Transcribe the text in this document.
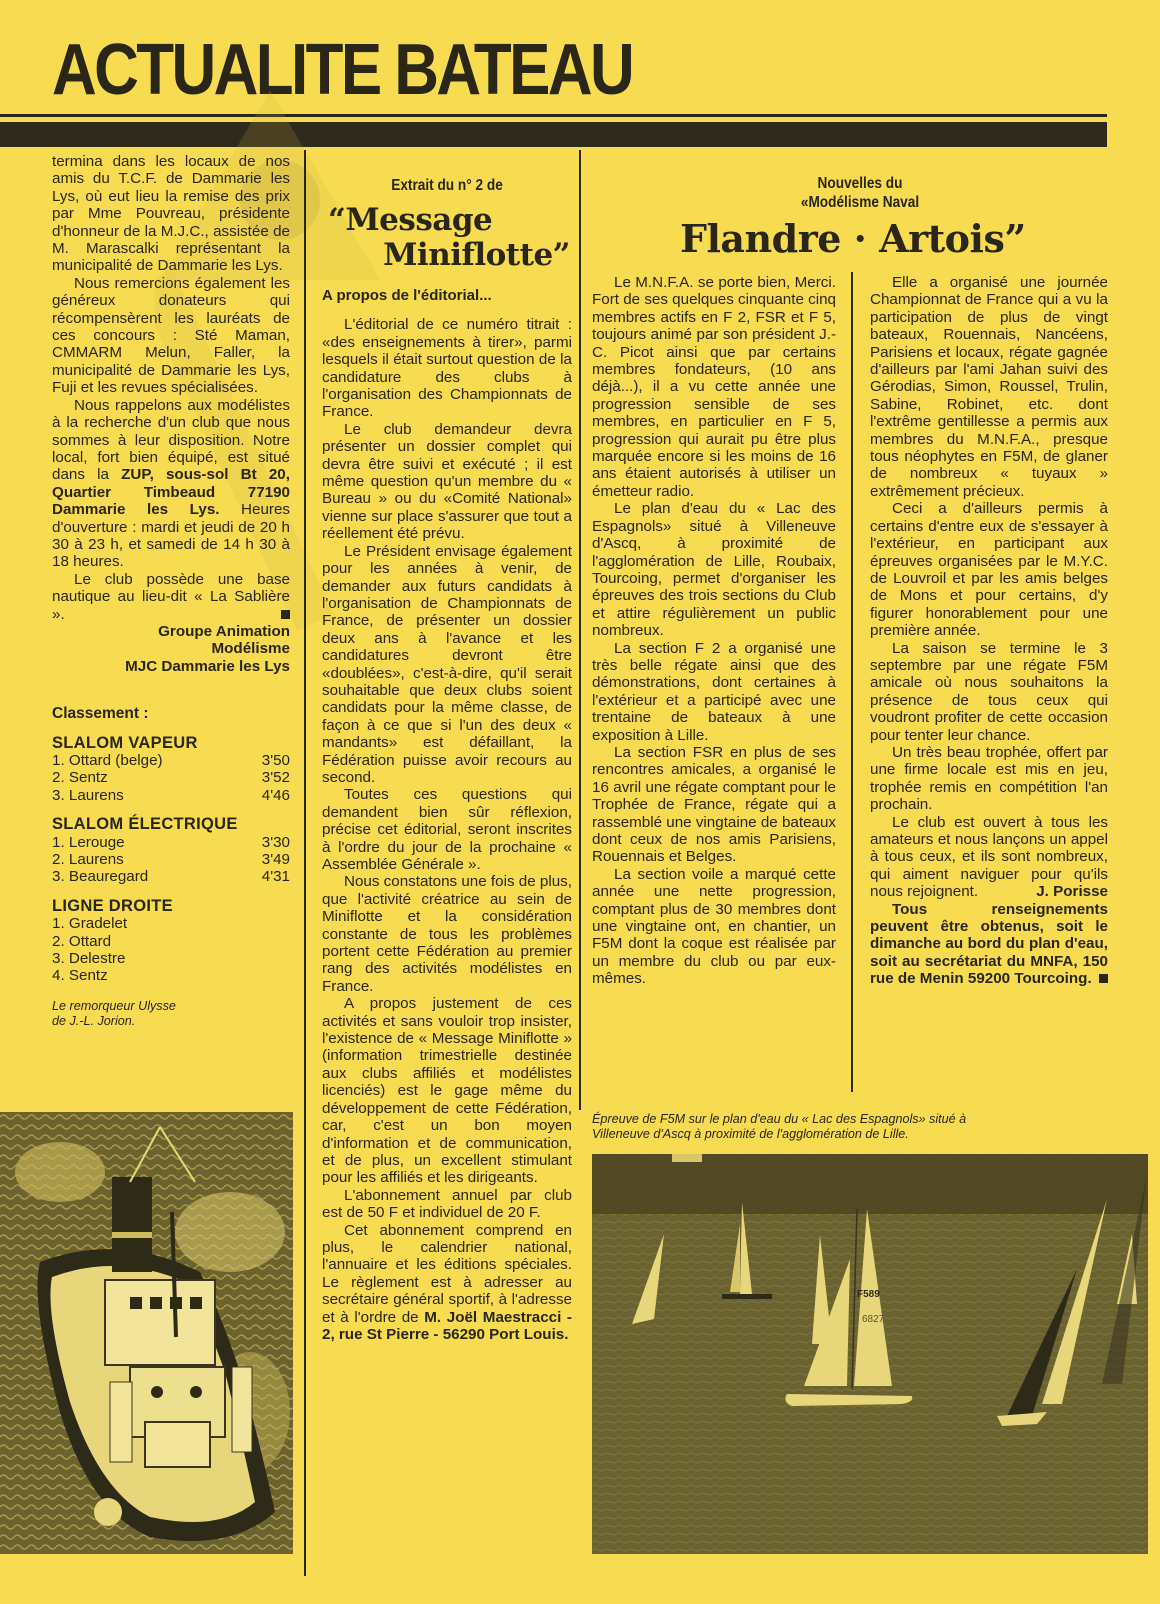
ACTUALITE BATEAU

termina dans les locaux de nos amis du T.C.F. de Dammarie les Lys, où eut lieu la remise des prix par Mme Pouvreau, présidente d'honneur de la M.J.C., assistée de M. Marascalki représentant la municipalité de Dammarie les Lys.

Nous remercions également les généreux donateurs qui récompensèrent les lauréats de ces concours : Sté Maman, CMMARM Melun, Faller, la municipalité de Dammarie les Lys, Fuji et les revues spécialisées.

Nous rappelons aux modélistes à la recherche d'un club que nous sommes à leur disposition. Notre local, fort bien équipé, est situé dans la ZUP, sous-sol Bt 20, Quartier Timbeaud 77190 Dammarie les Lys. Heures d'ouverture : mardi et jeudi de 20 h 30 à 23 h, et samedi de 14 h 30 à 18 heures.

Le club possède une base nautique au lieu-dit « La Sablière ».

Groupe Animation
Modélisme
MJC Dammarie les Lys
Classement :
SLALOM VAPEUR
1. Ottard (belge)	3'50
2. Sentz	3'52
3. Laurens	4'46
SLALOM ÉLECTRIQUE
1. Lerouge	3'30
2. Laurens	3'49
3. Beauregard	4'31
LIGNE DROITE
1. Gradelet
2. Ottard
3. Delestre
4. Sentz
Le remorqueur Ulysse
de J.-L. Jorion.
Extrait du n° 2 de
“Message
Miniflotte”
A propos de l'éditorial...

L'éditorial de ce numéro titrait : «des enseignements à tirer», parmi lesquels il était surtout question de la candidature des clubs à l'organisation des Championnats de France.

Le club demandeur devra présenter un dossier complet qui devra être suivi et exécuté ; il est même question qu'un membre du « Bureau » ou du «Comité National» vienne sur place s'assurer que tout a réellement été prévu.

Le Président envisage également pour les années à venir, de demander aux futurs candidats à l'organisation de Championnats de France, de présenter un dossier deux ans à l'avance et les candidatures devront être «doublées», c'est-à-dire, qu'il serait souhaitable que deux clubs soient candidats pour la même classe, de façon à ce que si l'un des deux « mandants» est défaillant, la Fédération puisse avoir recours au second.

Toutes ces questions qui demandent bien sûr réflexion, précise cet éditorial, seront inscrites à l'ordre du jour de la prochaine « Assemblée Générale ».

Nous constatons une fois de plus, que l'activité créatrice au sein de Miniflotte et la considération constante de tous les problèmes portent cette Fédération au premier rang des activités modélistes en France.

A propos justement de ces activités et sans vouloir trop insister, l'existence de « Message Miniflotte » (information trimestrielle destinée aux clubs affiliés et modélistes licenciés) est le gage même du développement de cette Fédération, car, c'est un bon moyen d'information et de communication, et de plus, un excellent stimulant pour les affiliés et les dirigeants.

L'abonnement annuel par club est de 50 F et individuel de 20 F.

Cet abonnement comprend en plus, le calendrier national, l'annuaire et les éditions spéciales. Le règlement est à adresser au secrétaire général sportif, à l'adresse et à l'ordre de M. Joël Maestracci - 2, rue St Pierre - 56290 Port Louis.

Nouvelles du
«Modélisme Naval
Flandre · Artois”

Le M.N.F.A. se porte bien, Merci. Fort de ses quelques cinquante cinq membres actifs en F 2, FSR et F 5, toujours animé par son président J.-C. Picot ainsi que par certains membres fondateurs, (10 ans déjà...), il a vu cette année une progression sensible de ses membres, en particulier en F 5, progression qui aurait pu être plus marquée encore si les moins de 16 ans étaient autorisés à utiliser un émetteur radio.

Le plan d'eau du « Lac des Espagnols» situé à Villeneuve d'Ascq, à proximité de l'agglomération de Lille, Roubaix, Tourcoing, permet d'organiser les épreuves des trois sections du Club et attire régulièrement un public nombreux.

La section F 2 a organisé une très belle régate ainsi que des démonstrations, dont certaines à l'extérieur et a participé avec une trentaine de bateaux à une exposition à Lille.

La section FSR en plus de ses rencontres amicales, a organisé le 16 avril une régate comptant pour le Trophée de France, régate qui a rassemblé une vingtaine de bateaux dont ceux de nos amis Parisiens, Rouennais et Belges.

La section voile a marqué cette année une nette progression, comptant plus de 30 membres dont une vingtaine ont, en chantier, un F5M dont la coque est réalisée par un membre du club ou par eux-mêmes.

Elle a organisé une journée Championnat de France qui a vu la participation de plus de vingt bateaux, Rouennais, Nancéens, Parisiens et locaux, régate gagnée d'ailleurs par l'ami Jahan suivi des Gérodias, Simon, Roussel, Trulin, Sabine, Robinet, etc. dont l'extrême gentillesse a permis aux membres du M.N.F.A., presque tous néophytes en F5M, de glaner de nombreux « tuyaux » extrêmement précieux.

Ceci a d'ailleurs permis à certains d'entre eux de s'essayer à l'extérieur, en participant aux épreuves organisées par le M.Y.C. de Louvroil et par les amis belges de Mons et pour certains, d'y figurer honorablement pour une première année.

La saison se termine le 3 septembre par une régate F5M amicale où nous souhaitons la présence de tous ceux qui voudront profiter de cette occasion pour tenter leur chance.

Un très beau trophée, offert par une firme locale est mis en jeu, trophée remis en compétition l'an prochain.

Le club est ouvert à tous les amateurs et nous lançons un appel à tous ceux, et ils sont nombreux, qui aiment naviguer pour qu'ils nous rejoignent.	J. Porisse

Tous renseignements peuvent être obtenus, soit le dimanche au bord du plan d'eau, soit au secrétariat du MNFA, 150 rue de Menin 59200 Tourcoing.

Épreuve de F5M sur le plan d'eau du « Lac des Espagnols» situé à Villeneuve d'Ascq à proximité de l'agglomération de Lille.
F589
6827
